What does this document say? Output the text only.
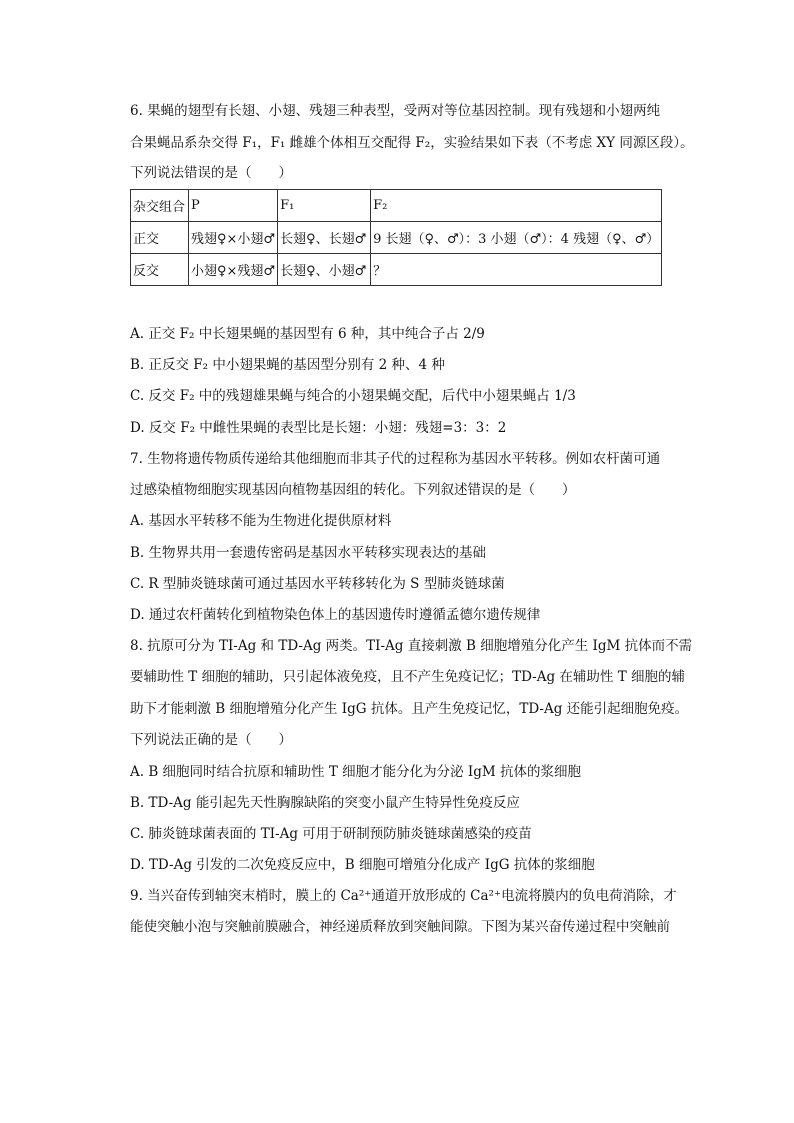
6. 果蝇的翅型有长翅、小翅、残翅三种表型，受两对等位基因控制。现有残翅和小翅两纯
合果蝇品系杂交得 F₁，F₁ 雌雄个体相互交配得 F₂，实验结果如下表（不考虑 XY 同源区段）。
下列说法错误的是（　　）
杂交组合	P	F₁	F₂
正交	残翅♀×小翅♂	长翅♀、长翅♂	9 长翅（♀、♂）：3 小翅（♂）：4 残翅（♀、♂）
反交	小翅♀×残翅♂	长翅♀、小翅♂	？
A. 正交 F₂ 中长翅果蝇的基因型有 6 种，其中纯合子占 2/9
B. 正反交 F₂ 中小翅果蝇的基因型分别有 2 种、4 种
C. 反交 F₂ 中的残翅雄果蝇与纯合的小翅果蝇交配，后代中小翅果蝇占 1/3
D. 反交 F₂ 中雌性果蝇的表型比是长翅：小翅：残翅=3：3：2
7. 生物将遗传物质传递给其他细胞而非其子代的过程称为基因水平转移。例如农杆菌可通
过感染植物细胞实现基因向植物基因组的转化。下列叙述错误的是（　　）
A. 基因水平转移不能为生物进化提供原材料
B. 生物界共用一套遗传密码是基因水平转移实现表达的基础
C. R 型肺炎链球菌可通过基因水平转移转化为 S 型肺炎链球菌
D. 通过农杆菌转化到植物染色体上的基因遗传时遵循孟德尔遗传规律
8. 抗原可分为 TI-Ag 和 TD-Ag 两类。TI-Ag 直接刺激 B 细胞增殖分化产生 IgM 抗体而不需
要辅助性 T 细胞的辅助，只引起体液免疫，且不产生免疫记忆；TD-Ag 在辅助性 T 细胞的辅
助下才能刺激 B 细胞增殖分化产生 IgG 抗体。且产生免疫记忆，TD-Ag 还能引起细胞免疫。
下列说法正确的是（　　）
A. B 细胞同时结合抗原和辅助性 T 细胞才能分化为分泌 IgM 抗体的浆细胞
B. TD-Ag 能引起先天性胸腺缺陷的突变小鼠产生特异性免疫反应
C. 肺炎链球菌表面的 TI-Ag 可用于研制预防肺炎链球菌感染的疫苗
D. TD-Ag 引发的二次免疫反应中，B 细胞可增殖分化成产 IgG 抗体的浆细胞
9. 当兴奋传到轴突末梢时，膜上的 Ca²⁺通道开放形成的 Ca²⁺电流将膜内的负电荷消除，才
能使突触小泡与突触前膜融合，神经递质释放到突触间隙。下图为某兴奋传递过程中突触前
